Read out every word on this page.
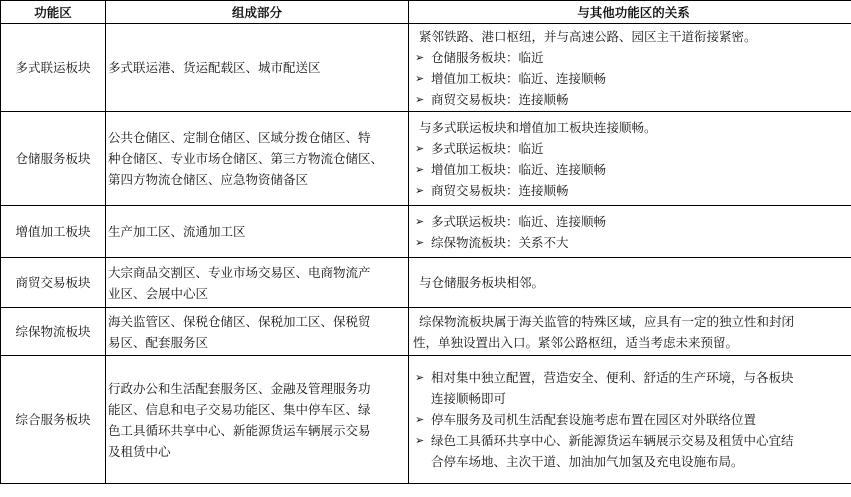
功能区	组成部分	与其他功能区的关系
多式联运板块	多式联运港、货运配载区、城市配送区	紧邻铁路、港口枢纽，并与高速公路、园区主干道衔接紧密。
➢ 仓储服务板块：临近
➢ 增值加工板块：临近、连接顺畅
➢ 商贸交易板块：连接顺畅

仓储服务板块	公共仓储区、定制仓储区、区域分拨仓储区、特
种仓储区、专业市场仓储区、第三方物流仓储区、
第四方物流仓储区、应急物资储备区	与多式联运板块和增值加工板块连接顺畅。
➢ 多式联运板块：临近
➢ 增值加工板块：临近、连接顺畅
➢ 商贸交易板块：连接顺畅

增值加工板块	生产加工区、流通加工区	➢ 多式联运板块：临近、连接顺畅
➢ 综保物流板块：关系不大

商贸交易板块	大宗商品交割区、专业市场交易区、电商物流产
业区、会展中心区	与仓储服务板块相邻。

综保物流板块	海关监管区、保税仓储区、保税加工区、保税贸
易区、配套服务区	综保物流板块属于海关监管的特殊区域，应具有一定的独立性和封闭
性，单独设置出入口。紧邻公路枢纽，适当考虑未来预留。

综合服务板块	行政办公和生活配套服务区、金融及管理服务功
能区、信息和电子交易功能区、集中停车区、绿
色工具循环共享中心、新能源货运车辆展示交易
及租赁中心	➢ 相对集中独立配置，营造安全、便利、舒适的生产环境，与各板块
连接顺畅即可
➢ 停车服务及司机生活配套设施考虑布置在园区对外联络位置
➢ 绿色工具循环共享中心、新能源货运车辆展示交易及租赁中心宜结
合停车场地、主次干道、加油加气加氢及充电设施布局。
